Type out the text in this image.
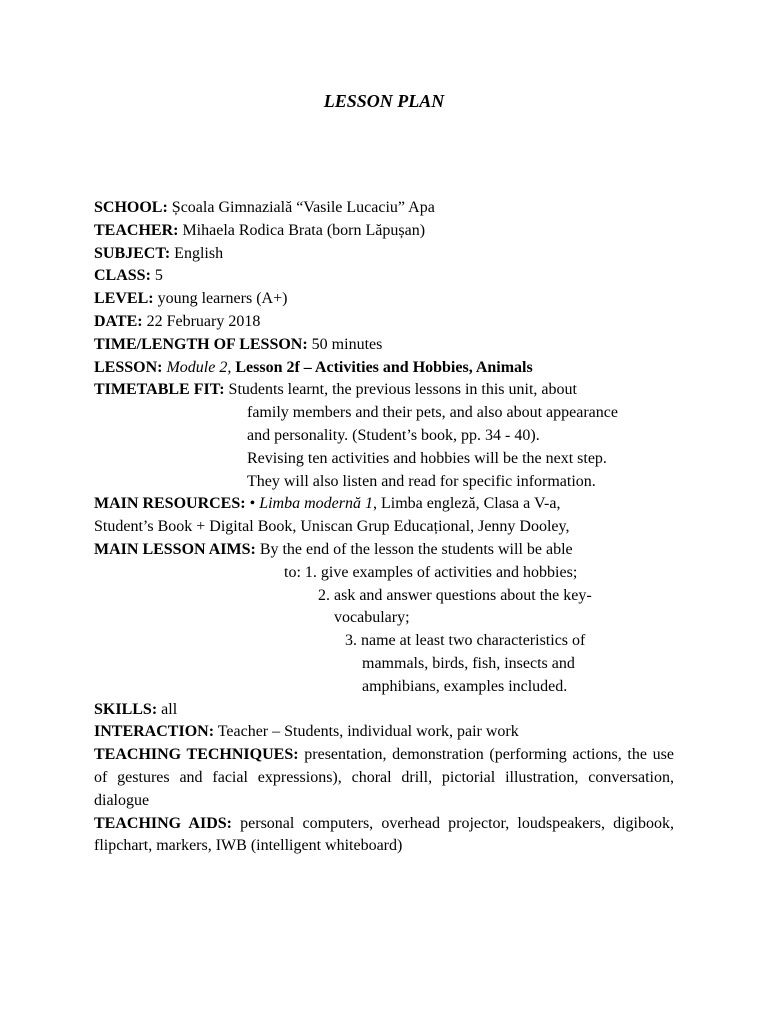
LESSON PLAN
SCHOOL: Școala Gimnazială “Vasile Lucaciu” Apa
TEACHER: Mihaela Rodica Brata (born Lăpușan)
SUBJECT: English
CLASS: 5
LEVEL: young learners (A+)
DATE: 22 February 2018
TIME/LENGTH OF LESSON: 50 minutes
LESSON: Module 2, Lesson 2f – Activities and Hobbies, Animals
TIMETABLE FIT: Students learnt, the previous lessons in this unit, about
family members and their pets, and also about appearance
and personality. (Student’s book, pp. 34 - 40).
Revising ten activities and hobbies will be the next step.
They will also listen and read for specific information.
MAIN RESOURCES: • Limba modernă 1, Limba engleză, Clasa a V-a,
Student’s Book + Digital Book, Uniscan Grup Educațional, Jenny Dooley,
MAIN LESSON AIMS: By the end of the lesson the students will be able
to: 1. give examples of activities and hobbies;
2. ask and answer questions about the key-
vocabulary;
3. name at least two characteristics of
mammals, birds, fish, insects and
amphibians, examples included.
SKILLS: all
INTERACTION: Teacher – Students, individual work, pair work
TEACHING TECHNIQUES: presentation, demonstration (performing actions, the use of gestures and facial expressions), choral drill, pictorial illustration, conversation, dialogue
TEACHING AIDS: personal computers, overhead projector, loudspeakers, digibook, flipchart, markers, IWB (intelligent whiteboard)
